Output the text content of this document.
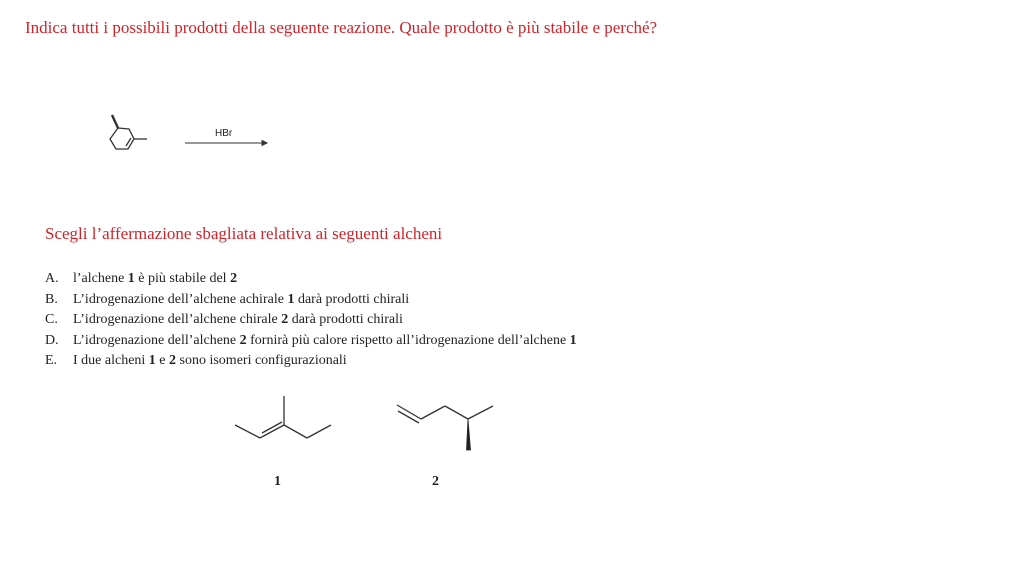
Indica tutti i possibili prodotti della seguente reazione. Quale prodotto è più stabile e perché?
HBr
Scegli l’affermazione sbagliata relativa ai seguenti alcheni
A.	l’alchene 1 è più stabile del 2
B.	L’idrogenazione dell’alchene achirale 1 darà prodotti chirali
C.	L’idrogenazione dell’alchene chirale 2 darà prodotti chirali
D.	L’idrogenazione dell’alchene 2 fornirà più calore rispetto all’idrogenazione dell’alchene 1
E.	I due alcheni 1 e 2 sono isomeri configurazionali
1	2
